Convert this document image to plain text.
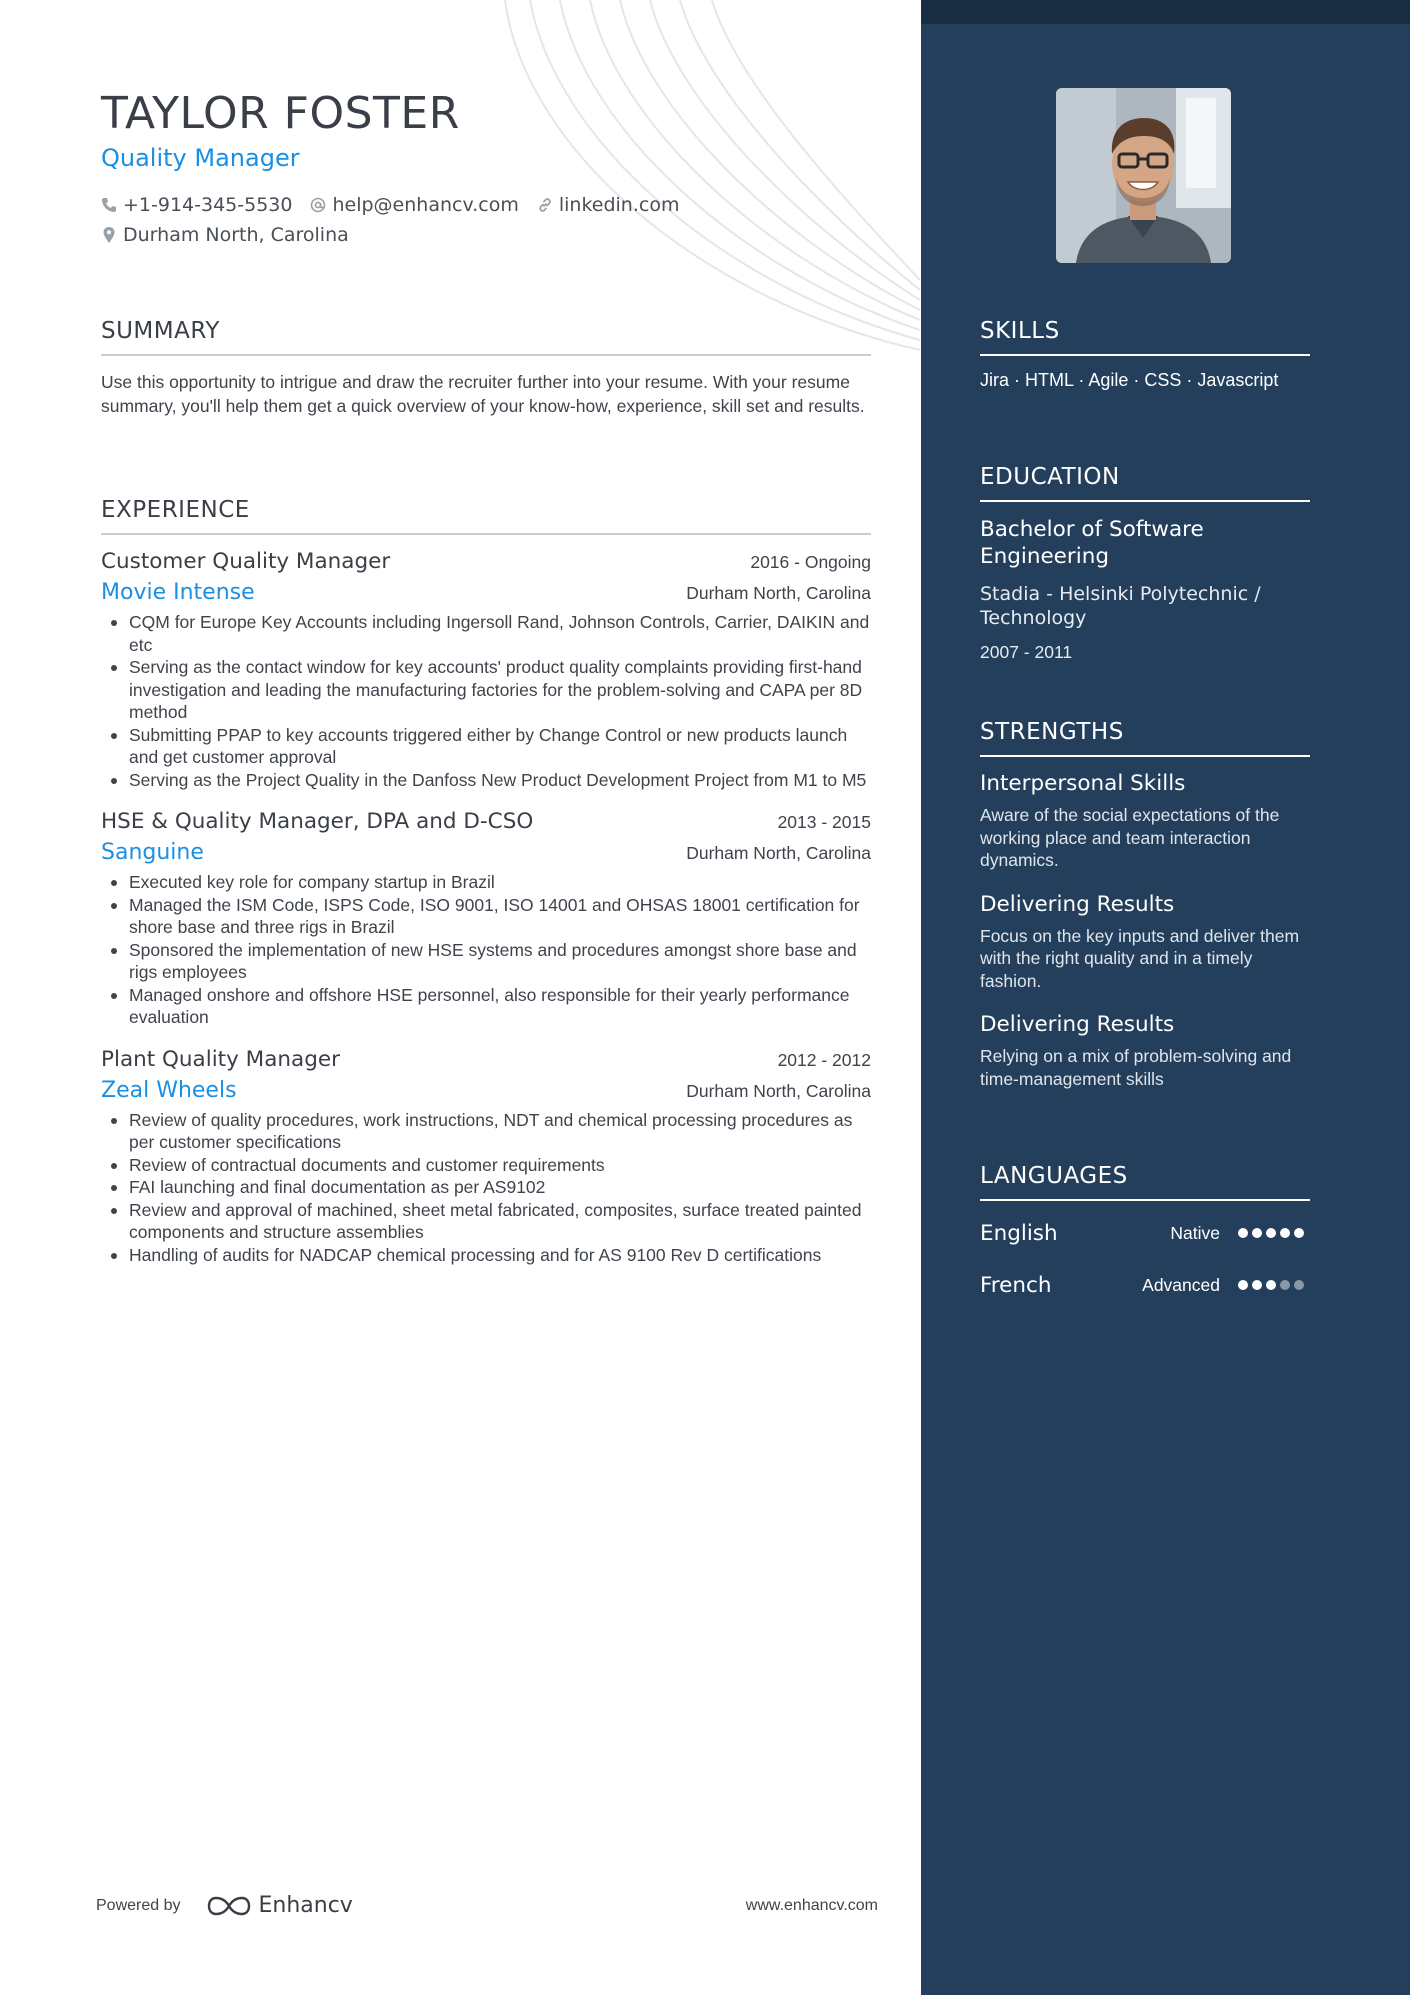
TAYLOR FOSTER
Quality Manager
+1-914-345-5530 help@enhancv.com linkedin.com
Durham North, Carolina
SUMMARY

Use this opportunity to intrigue and draw the recruiter further into your resume. With your resume summary, you'll help them get a quick overview of your know-how, experience, skill set and results.

EXPERIENCE
Customer Quality Manager	2016 - Ongoing
Movie Intense	Durham North, Carolina
CQM for Europe Key Accounts including Ingersoll Rand, Johnson Controls, Carrier, DAIKIN and etc
Serving as the contact window for key accounts' product quality complaints providing first-hand investigation and leading the manufacturing factories for the problem-solving and CAPA per 8D method
Submitting PPAP to key accounts triggered either by Change Control or new products launch and get customer approval
Serving as the Project Quality in the Danfoss New Product Development Project from M1 to M5
HSE & Quality Manager, DPA and D-CSO	2013 - 2015
Sanguine	Durham North, Carolina
Executed key role for company startup in Brazil
Managed the ISM Code, ISPS Code, ISO 9001, ISO 14001 and OHSAS 18001 certification for shore base and three rigs in Brazil
Sponsored the implementation of new HSE systems and procedures amongst shore base and rigs employees
Managed onshore and offshore HSE personnel, also responsible for their yearly performance evaluation
Plant Quality Manager	2012 - 2012
Zeal Wheels	Durham North, Carolina
Review of quality procedures, work instructions, NDT and chemical processing procedures as per customer specifications
Review of contractual documents and customer requirements
FAI launching and final documentation as per AS9102
Review and approval of machined, sheet metal fabricated, composites, surface treated painted components and structure assemblies
Handling of audits for NADCAP chemical processing and for AS 9100 Rev D certifications
Powered by	Enhancv	www.enhancv.com
SKILLS
Jira · HTML · Agile · CSS · Javascript
EDUCATION
Bachelor of Software Engineering
Stadia - Helsinki Polytechnic / Technology
2007 - 2011
STRENGTHS
Interpersonal Skills
Aware of the social expectations of the working place and team interaction dynamics.
Delivering Results
Focus on the key inputs and deliver them with the right quality and in a timely fashion.
Delivering Results
Relying on a mix of problem-solving and time-management skills
LANGUAGES
English	Native
French	Advanced
